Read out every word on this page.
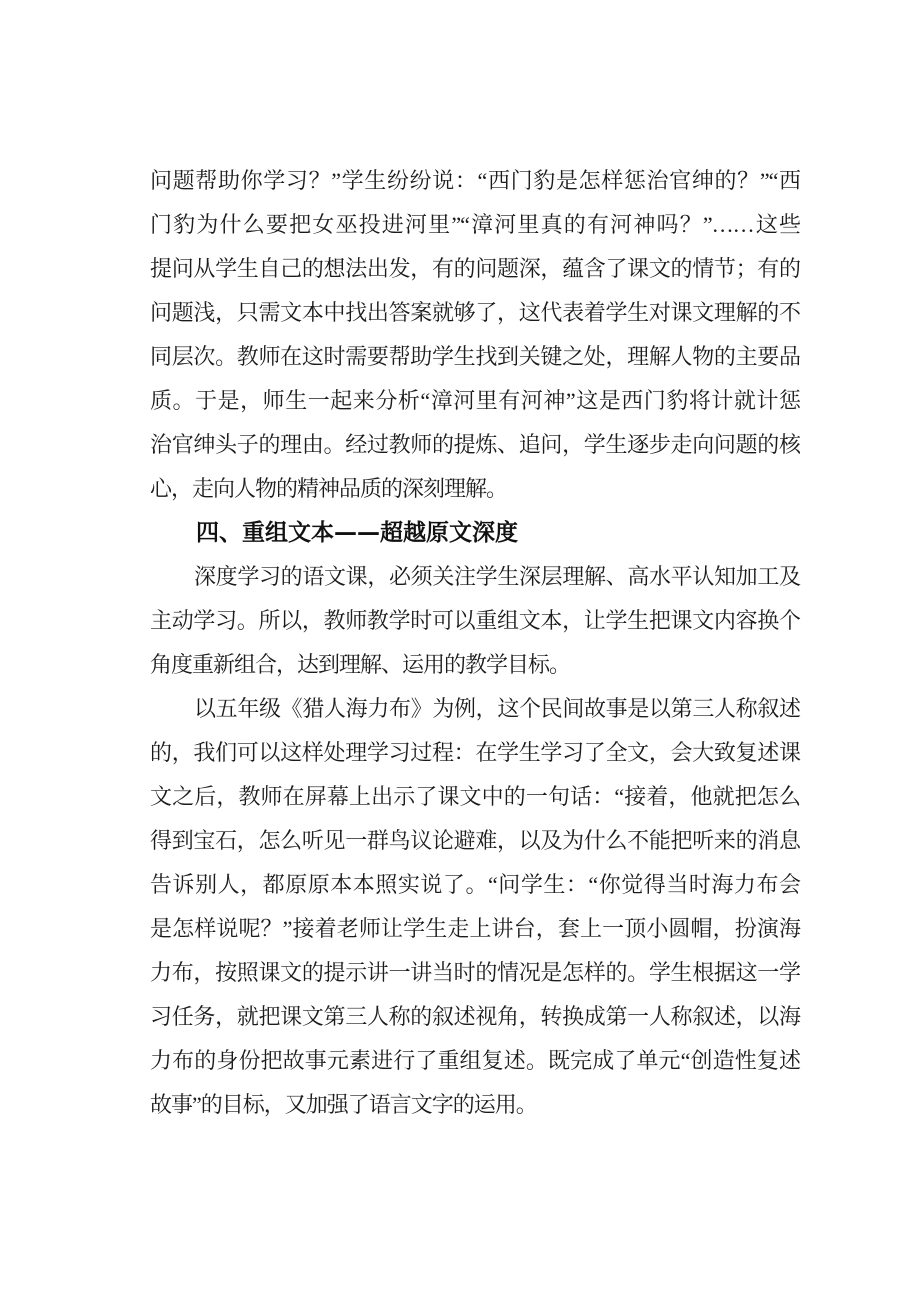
问题帮助你学习？”学生纷纷说：“西门豹是怎样惩治官绅的？”“西
门豹为什么要把女巫投进河里”“漳河里真的有河神吗？”……这些
提问从学生自己的想法出发，有的问题深，蕴含了课文的情节；有的
问题浅，只需文本中找出答案就够了，这代表着学生对课文理解的不
同层次。教师在这时需要帮助学生找到关键之处，理解人物的主要品
质。于是，师生一起来分析“漳河里有河神”这是西门豹将计就计惩
治官绅头子的理由。经过教师的提炼、追问，学生逐步走向问题的核
心，走向人物的精神品质的深刻理解。
四、重组文本——超越原文深度
深度学习的语文课，必须关注学生深层理解、高水平认知加工及
主动学习。所以，教师教学时可以重组文本，让学生把课文内容换个
角度重新组合，达到理解、运用的教学目标。
以五年级《猎人海力布》为例，这个民间故事是以第三人称叙述
的，我们可以这样处理学习过程：在学生学习了全文，会大致复述课
文之后，教师在屏幕上出示了课文中的一句话：“接着，他就把怎么
得到宝石，怎么听见一群鸟议论避难，以及为什么不能把听来的消息
告诉别人，都原原本本照实说了。“问学生：“你觉得当时海力布会
是怎样说呢？”接着老师让学生走上讲台，套上一顶小圆帽，扮演海
力布，按照课文的提示讲一讲当时的情况是怎样的。学生根据这一学
习任务，就把课文第三人称的叙述视角，转换成第一人称叙述，以海
力布的身份把故事元素进行了重组复述。既完成了单元“创造性复述
故事”的目标，又加强了语言文字的运用。
